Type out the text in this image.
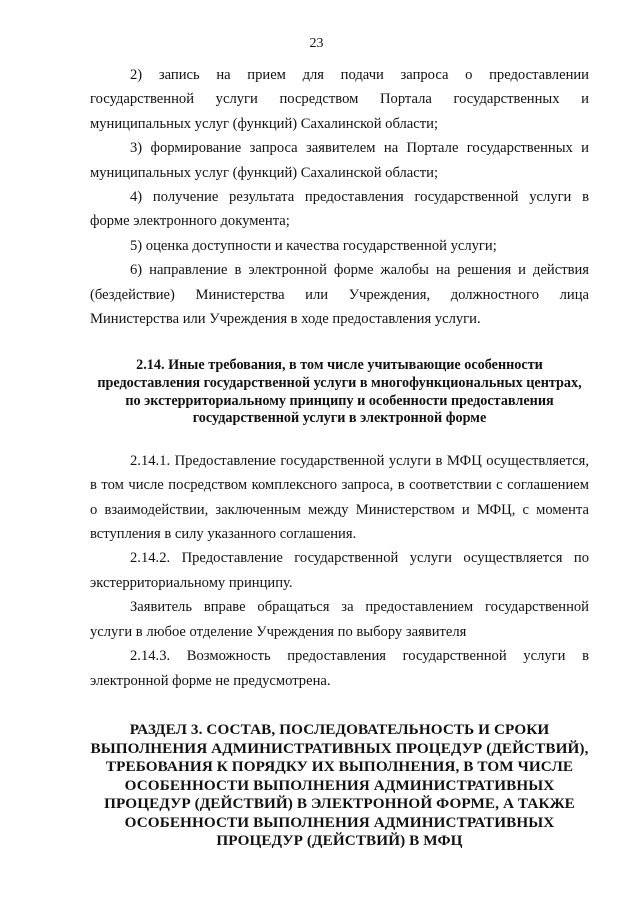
23

2) запись на прием для подачи запроса о предоставлении государственной услуги посредством Портала государственных и муниципальных услуг (функций) Сахалинской области;

3) формирование запроса заявителем на Портале государственных и муниципальных услуг (функций) Сахалинской области;

4) получение результата предоставления государственной услуги в форме электронного документа;

5) оценка доступности и качества государственной услуги;

6) направление в электронной форме жалобы на решения и действия (бездействие) Министерства или Учреждения, должностного лица Министерства или Учреждения в ходе предоставления услуги.

2.14. Иные требования, в том числе учитывающие особенности предоставления государственной услуги в многофункциональных центрах, по экстерриториальному принципу и особенности предоставления государственной услуги в электронной форме

2.14.1. Предоставление государственной услуги в МФЦ осуществляется, в том числе посредством комплексного запроса, в соответствии с соглашением о взаимодействии, заключенным между Министерством и МФЦ, с момента вступления в силу указанного соглашения.

2.14.2. Предоставление государственной услуги осуществляется по экстерриториальному принципу.

Заявитель вправе обращаться за предоставлением государственной услуги в любое отделение Учреждения по выбору заявителя

2.14.3. Возможность предоставления государственной услуги в электронной форме не предусмотрена.

РАЗДЕЛ 3. СОСТАВ, ПОСЛЕДОВАТЕЛЬНОСТЬ И СРОКИ ВЫПОЛНЕНИЯ АДМИНИСТРАТИВНЫХ ПРОЦЕДУР (ДЕЙСТВИЙ), ТРЕБОВАНИЯ К ПОРЯДКУ ИХ ВЫПОЛНЕНИЯ, В ТОМ ЧИСЛЕ ОСОБЕННОСТИ ВЫПОЛНЕНИЯ АДМИНИСТРАТИВНЫХ ПРОЦЕДУР (ДЕЙСТВИЙ) В ЭЛЕКТРОННОЙ ФОРМЕ, А ТАКЖЕ ОСОБЕННОСТИ ВЫПОЛНЕНИЯ АДМИНИСТРАТИВНЫХ ПРОЦЕДУР (ДЕЙСТВИЙ) В МФЦ
